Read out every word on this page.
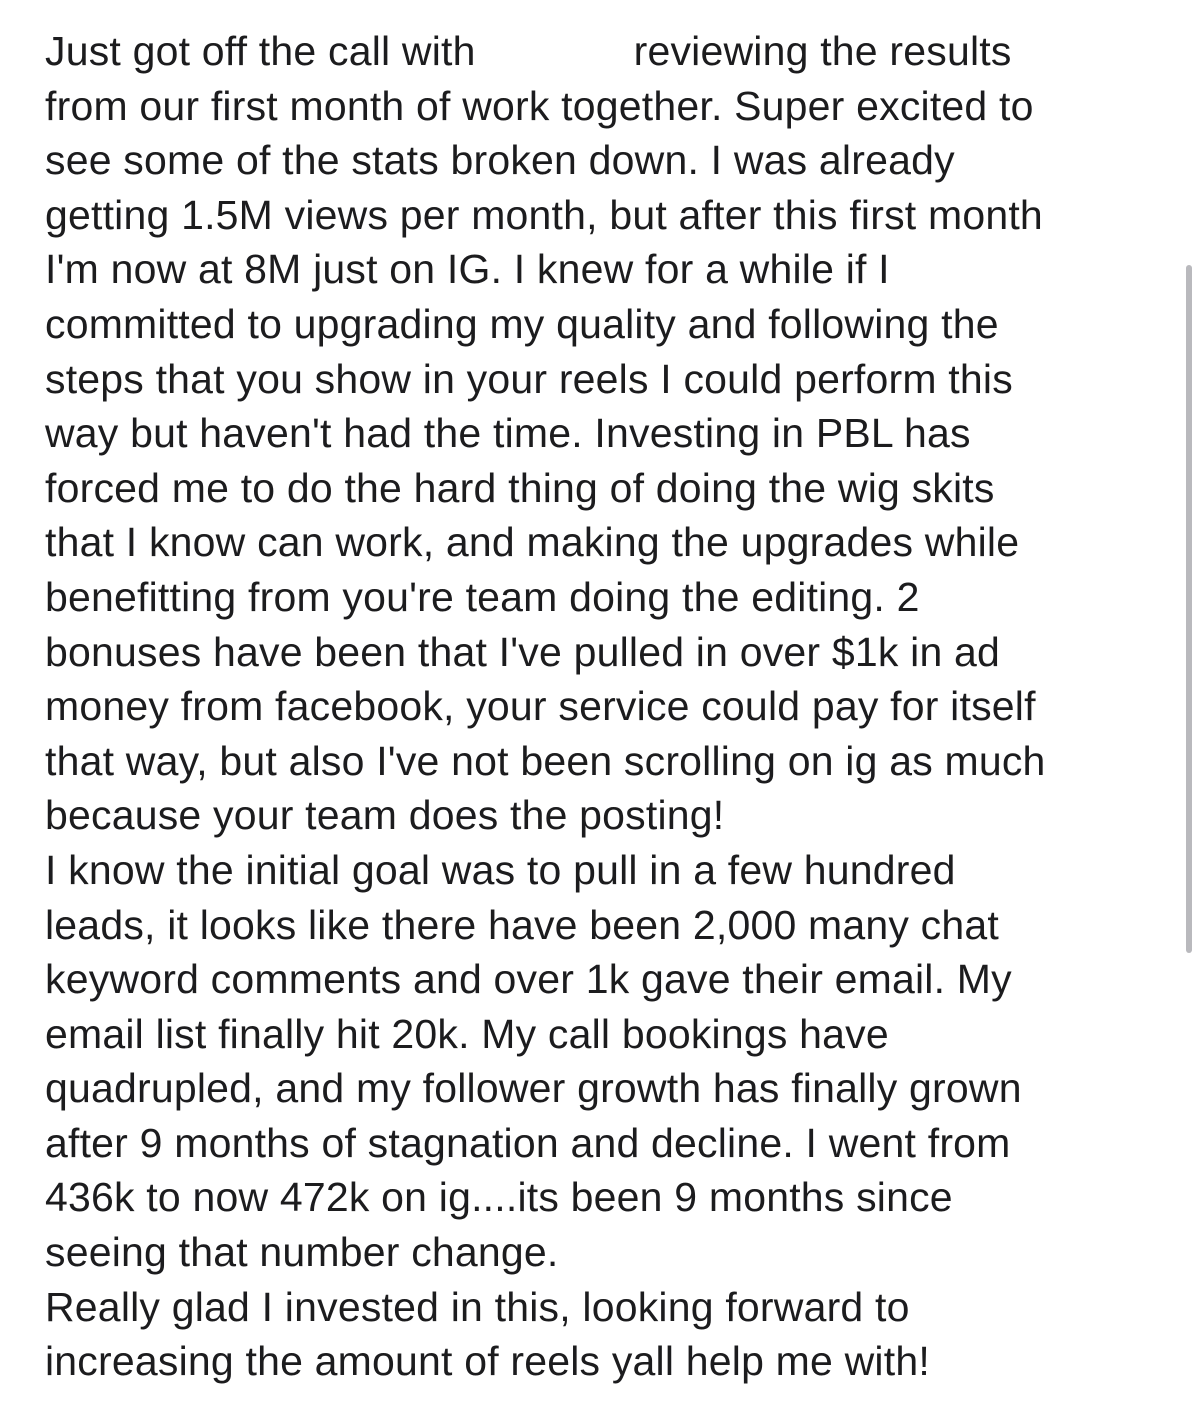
Just got off the call with	reviewing the results
from our first month of work together. Super excited to
see some of the stats broken down. I was already
getting 1.5M views per month, but after this first month
I'm now at 8M just on IG. I knew for a while if I
committed to upgrading my quality and following the
steps that you show in your reels I could perform this
way but haven't had the time. Investing in PBL has
forced me to do the hard thing of doing the wig skits
that I know can work, and making the upgrades while
benefitting from you're team doing the editing. 2
bonuses have been that I've pulled in over $1k in ad
money from facebook, your service could pay for itself
that way, but also I've not been scrolling on ig as much
because your team does the posting!
I know the initial goal was to pull in a few hundred
leads, it looks like there have been 2,000 many chat
keyword comments and over 1k gave their email. My
email list finally hit 20k. My call bookings have
quadrupled, and my follower growth has finally grown
after 9 months of stagnation and decline. I went from
436k to now 472k on ig....its been 9 months since
seeing that number change.
Really glad I invested in this, looking forward to
increasing the amount of reels yall help me with!
